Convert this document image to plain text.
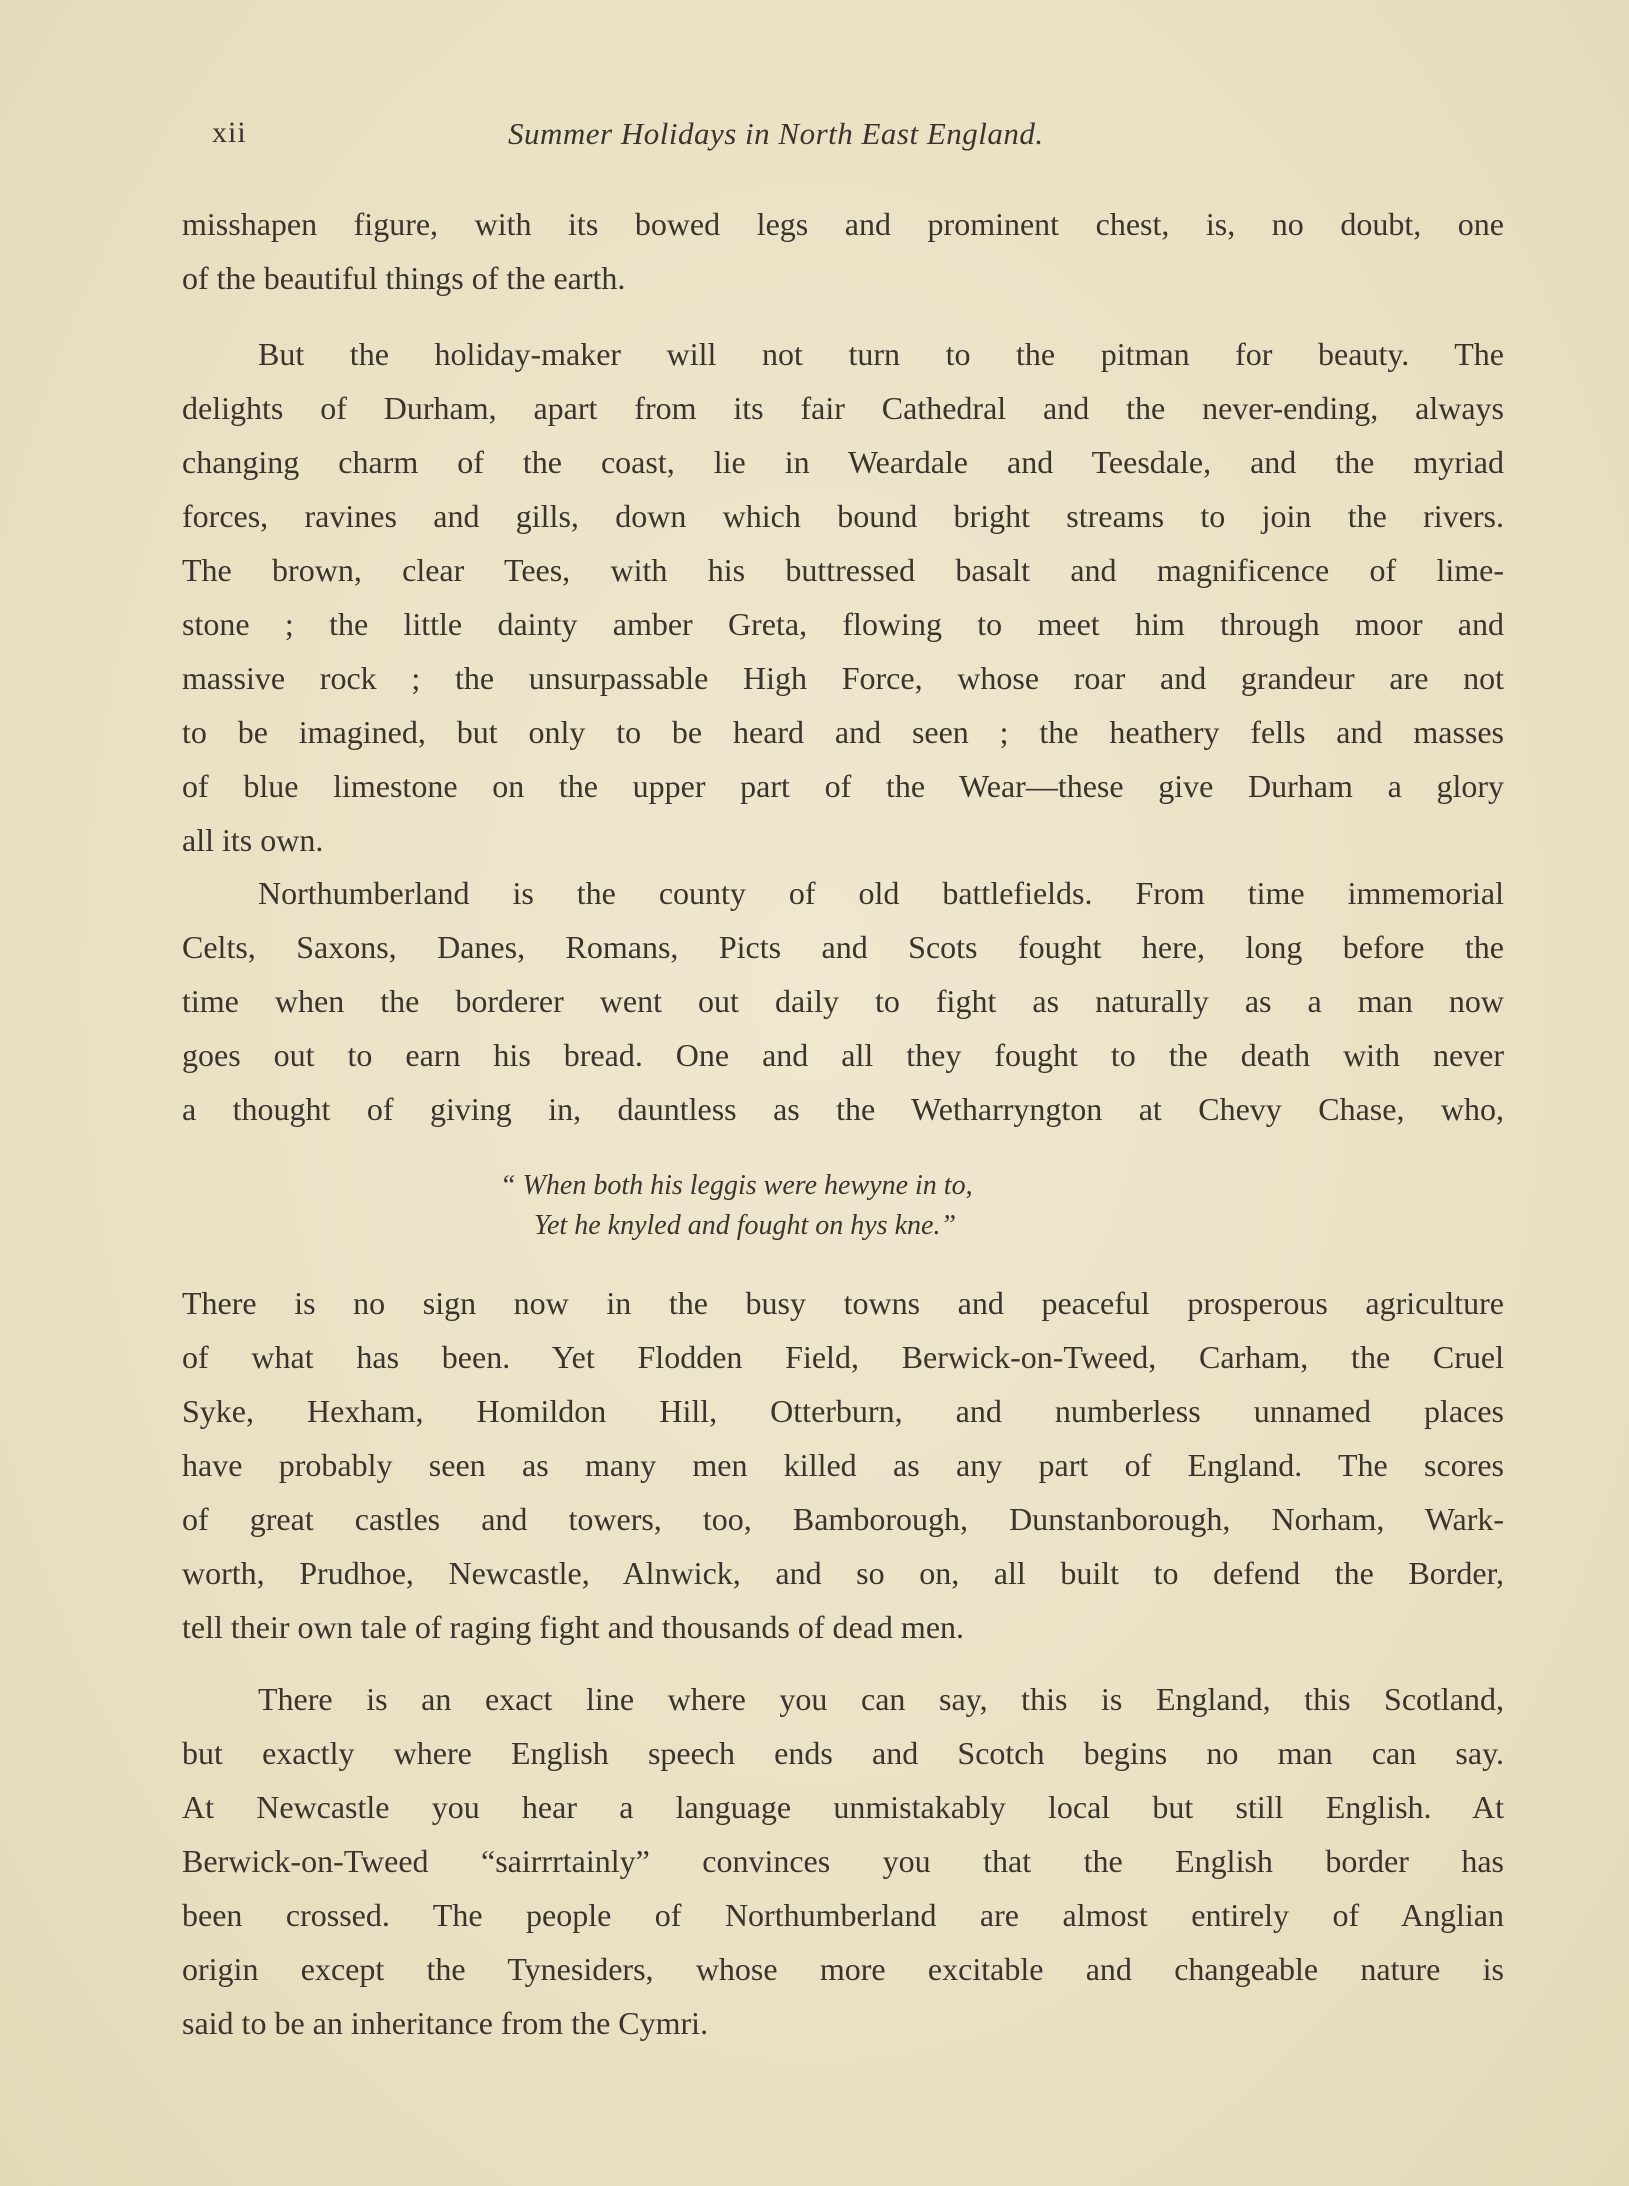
xii	Summer Holidays in North East England.
misshapen figure, with its bowed legs and prominent chest, is, no doubt, one
of the beautiful things of the earth.
But the holiday-maker will not turn to the pitman for beauty. The
delights of Durham, apart from its fair Cathedral and the never-ending, always
changing charm of the coast, lie in Weardale and Teesdale, and the myriad
forces, ravines and gills, down which bound bright streams to join the rivers.
The brown, clear Tees, with his buttressed basalt and magnificence of lime-
stone ; the little dainty amber Greta, flowing to meet him through moor and
massive rock ; the unsurpassable High Force, whose roar and grandeur are not
to be imagined, but only to be heard and seen ; the heathery fells and masses
of blue limestone on the upper part of the Wear—these give Durham a glory
all its own.
Northumberland is the county of old battlefields. From time immemorial
Celts, Saxons, Danes, Romans, Picts and Scots fought here, long before the
time when the borderer went out daily to fight as naturally as a man now
goes out to earn his bread. One and all they fought to the death with never
a thought of giving in, dauntless as the Wetharryngton at Chevy Chase, who,
“ When both his leggis were hewyne in to,
Yet he knyled and fought on hys kne.”
There is no sign now in the busy towns and peaceful prosperous agriculture
of what has been. Yet Flodden Field, Berwick-on-Tweed, Carham, the Cruel
Syke, Hexham, Homildon Hill, Otterburn, and numberless unnamed places
have probably seen as many men killed as any part of England. The scores
of great castles and towers, too, Bamborough, Dunstanborough, Norham, Wark-
worth, Prudhoe, Newcastle, Alnwick, and so on, all built to defend the Border,
tell their own tale of raging fight and thousands of dead men.
There is an exact line where you can say, this is England, this Scotland,
but exactly where English speech ends and Scotch begins no man can say.
At Newcastle you hear a language unmistakably local but still English. At
Berwick-on-Tweed “sairrrtainly” convinces you that the English border has
been crossed. The people of Northumberland are almost entirely of Anglian
origin except the Tynesiders, whose more excitable and changeable nature is
said to be an inheritance from the Cymri.
